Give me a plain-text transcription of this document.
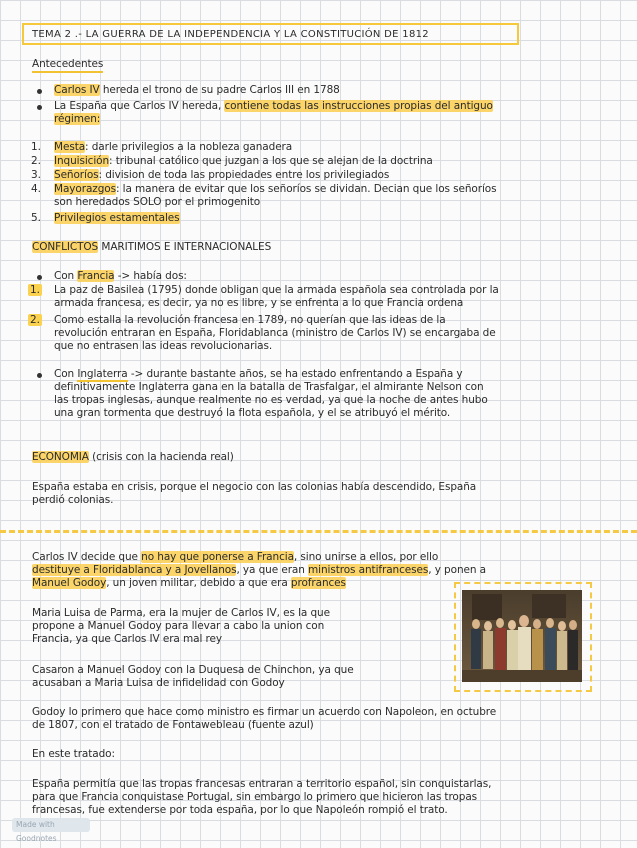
TEMA 2 .- LA GUERRA DE LA INDEPENDENCIA Y LA CONSTITUCIÓN DE 1812
Antecedentes
Carlos IV hereda el trono de su padre Carlos III en 1788
La España que Carlos IV hereda, contiene todas las instrucciones propias del antiguo
régimen:
1. Mesta: darle privilegios a la nobleza ganadera
2. Inquisición: tribunal católico que juzgan a los que se alejan de la doctrina
3. Señoríos: division de toda las propiedades entre los privilegiados
4. Mayorazgos: la manera de evitar que los señoríos se dividan. Decian que los señoríos
son heredados SOLO por el primogenito
5. Privilegios estamentales
CONFLICTOS MARITIMOS E INTERNACIONALES
Con Francia -> había dos:
1. La paz de Basilea (1795) donde obligan que la armada española sea controlada por la
armada francesa, es decir, ya no es libre, y se enfrenta a lo que Francia ordena
2. Como estalla la revolución francesa en 1789, no querían que las ideas de la
revolución entraran en España, Floridablanca (ministro de Carlos IV) se encargaba de
que no entrasen las ideas revolucionarias.
Con Inglaterra -> durante bastante años, se ha estado enfrentando a España y
definitivamente Inglaterra gana en la batalla de Trasfalgar, el almirante Nelson con
las tropas inglesas, aunque realmente no es verdad, ya que la noche de antes hubo
una gran tormenta que destruyó la flota española, y el se atribuyó el mérito.
ECONOMIA (crisis con la hacienda real)
España estaba en crisis, porque el negocio con las colonias había descendido, España
perdió colonias.
Carlos IV decide que no hay que ponerse a Francia, sino unirse a ellos, por ello
destituye a Floridablanca y a Jovellanos, ya que eran ministros antifranceses, y ponen a
Manuel Godoy, un joven militar, debido a que era profrances
Maria Luisa de Parma, era la mujer de Carlos IV, es la que
propone a Manuel Godoy para llevar a cabo la union con
Francia, ya que Carlos IV era mal rey
Casaron a Manuel Godoy con la Duquesa de Chinchon, ya que
acusaban a Maria Luisa de infidelidad con Godoy
Godoy lo primero que hace como ministro es firmar un acuerdo con Napoleon, en octubre
de 1807, con el tratado de Fontawebleau (fuente azul)
En este tratado:
España permitía que las tropas francesas entraran a territorio español, sin conquistarlas,
para que Francia conquistase Portugal, sin embargo lo primero que hicieron las tropas
francesas, fue extenderse por toda españa, por lo que Napoleón rompió el trato.
Made with Goodnotes
